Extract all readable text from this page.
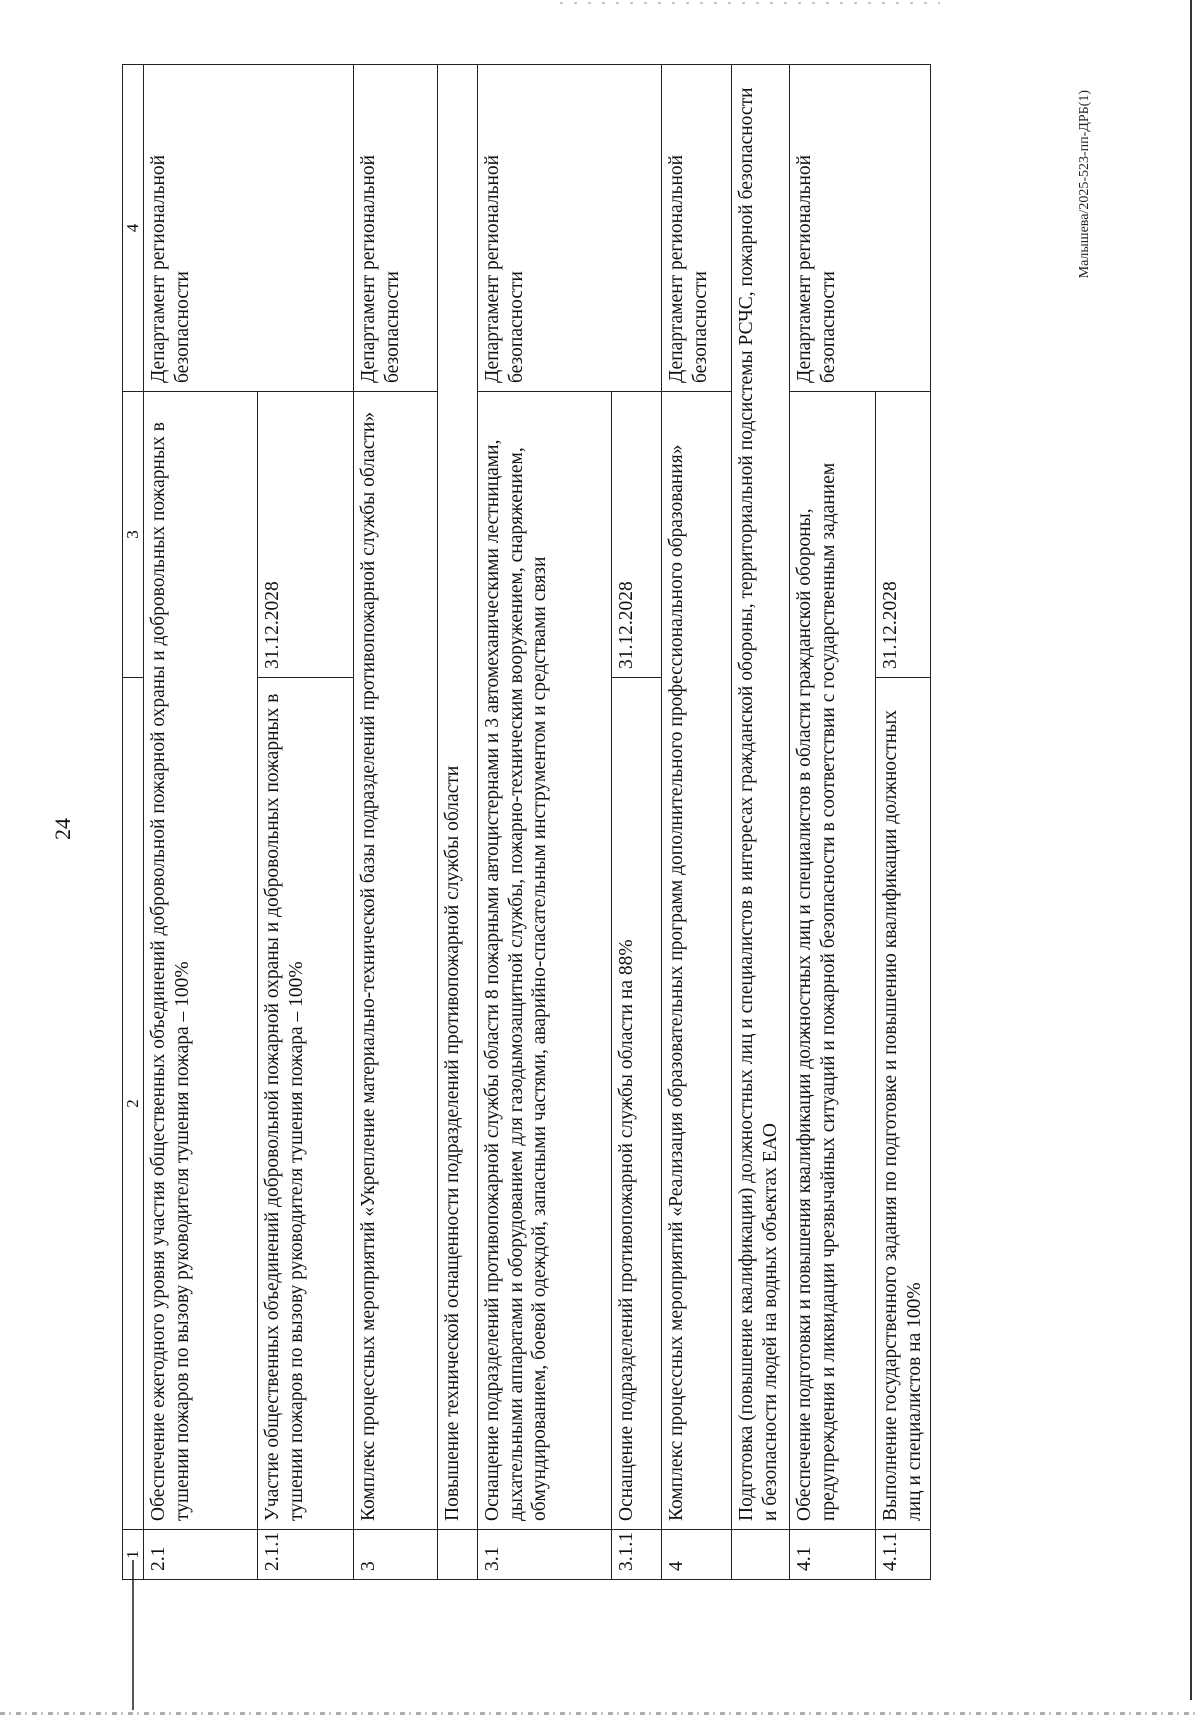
Малышева/2025-523-пп-ДРБ(1)
24
1	2	3	4
2.1	Обеспечение ежегодного уровня участия общественных объединений добровольной пожарной охраны и добровольных пожарных в тушении пожаров по вызову руководителя тушения пожара – 100%		Департамент региональной безопасности
2.1.1	Участие общественных объединений добровольной пожарной охраны и добровольных пожарных в тушении пожаров по вызову руководителя тушения пожара – 100%	31.12.2028	
3	Комплекс процессных мероприятий «Укрепление материально-технической базы подразделений противопожарной службы области»		Департамент региональной безопасности
	Повышение технической оснащенности подразделений противопожарной службы области		
3.1	Оснащение подразделений противопожарной службы области 8 пожарными автоцистернами и 3 автомеханическими лестницами, дыхательными аппаратами и оборудованием для газодымозащитной службы, пожарно-техническим вооружением, снаряжением, обмундированием, боевой одеждой, запасными частями, аварийно-спасательным инструментом и средствами связи		Департамент региональной безопасности
3.1.1	Оснащение подразделений противопожарной службы области на 88%	31.12.2028	
4	Комплекс процессных мероприятий «Реализация образовательных программ дополнительного профессионального образования»		Департамент региональной безопасности
	Подготовка (повышение квалификации) должностных лиц и специалистов в интересах гражданской обороны, территориальной подсистемы РСЧС, пожарной безопасности и безопасности людей на водных объектах ЕАО		
4.1	Обеспечение подготовки и повышения квалификации должностных лиц и специалистов в области гражданской обороны, предупреждения и ликвидации чрезвычайных ситуаций и пожарной безопасности в соответствии с государственным заданием		Департамент региональной безопасности
4.1.1	Выполнение государственного задания по подготовке и повышению квалификации должностных лиц и специалистов на 100%	31.12.2028	
